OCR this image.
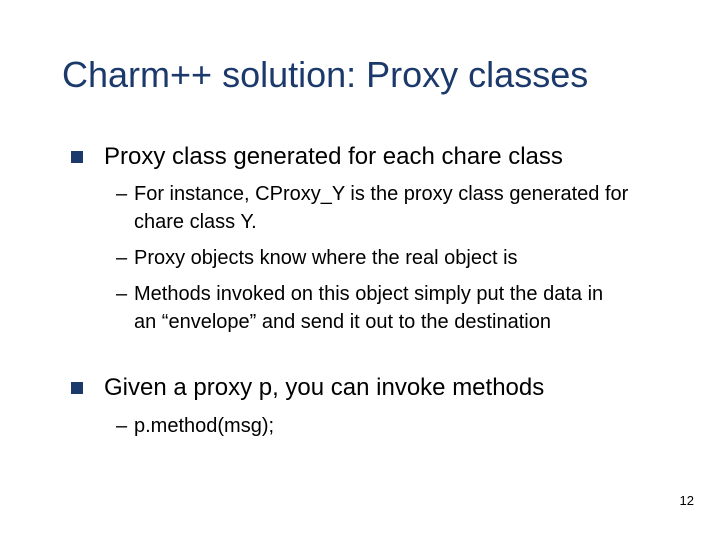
Charm++ solution: Proxy classes
Proxy class generated for each chare class
– For instance, CProxy_Y is the proxy class generated for chare class Y.
– Proxy objects know where the real object is
– Methods invoked on this object simply put the data in an “envelope” and send it out to the destination
Given a proxy p, you can invoke methods
– p.method(msg);
12
